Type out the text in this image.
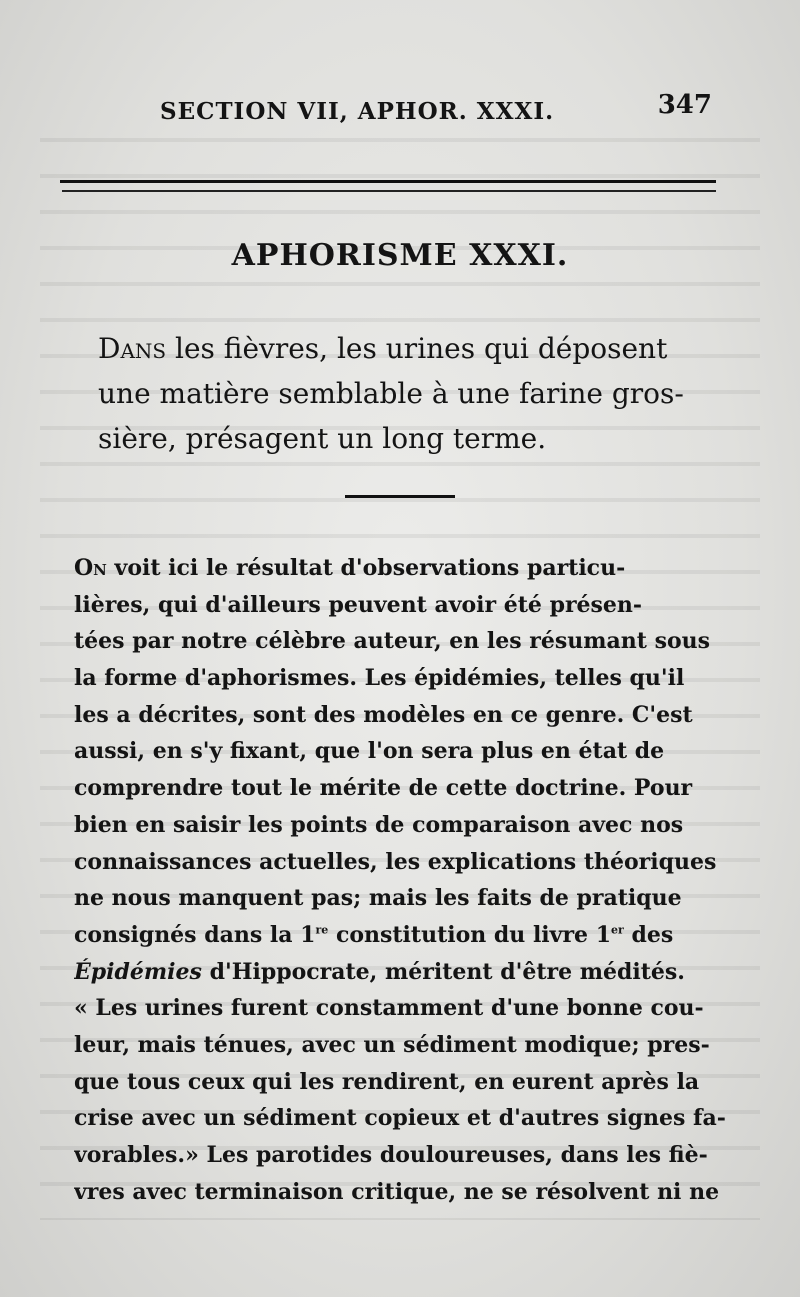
SECTION VII, APHOR. XXXI.	347
APHORISME XXXI.
Dans les fièvres, les urines qui déposent
une matière semblable à une farine gros-
sière, présagent un long terme.
On voit ici le résultat d'observations particu-
lières, qui d'ailleurs peuvent avoir été présen-
tées par notre célèbre auteur, en les résumant sous
la forme d'aphorismes. Les épidémies, telles qu'il
les a décrites, sont des modèles en ce genre. C'est
aussi, en s'y fixant, que l'on sera plus en état de
comprendre tout le mérite de cette doctrine. Pour
bien en saisir les points de comparaison avec nos
connaissances actuelles, les explications théoriques
ne nous manquent pas; mais les faits de pratique
consignés dans la 1re constitution du livre 1er des
Épidémies d'Hippocrate, méritent d'être médités.
« Les urines furent constamment d'une bonne cou-
leur, mais ténues, avec un sédiment modique; pres-
que tous ceux qui les rendirent, en eurent après la
crise avec un sédiment copieux et d'autres signes fa-
vorables.» Les parotides douloureuses, dans les fiè-
vres avec terminaison critique, ne se résolvent ni ne
